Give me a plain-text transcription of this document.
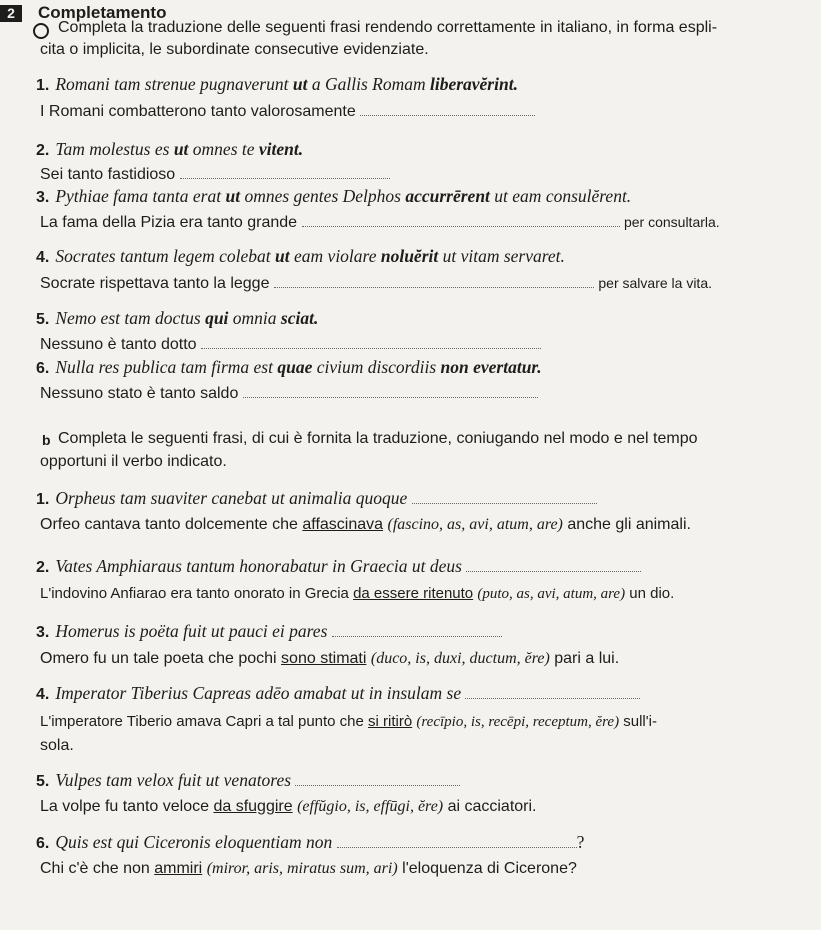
2	Completamento
Completa la traduzione delle seguenti frasi rendendo correttamente in italiano, in forma espli-
cita o implicita, le subordinate consecutive evidenziate.
1. Romani tam strenue pugnaverunt ut a Gallis Romam liberavĕrint.
I Romani combatterono tanto valorosamente
2. Tam molestus es ut omnes te vitent.
Sei tanto fastidioso
3. Pythiae fama tanta erat ut omnes gentes Delphos accurrērent ut eam consulĕrent.
La fama della Pizia era tanto grande	per consultarla.
4. Socrates tantum legem colebat ut eam violare noluĕrit ut vitam servaret.
Socrate rispettava tanto la legge	per salvare la vita.
5. Nemo est tam doctus qui omnia sciat.
Nessuno è tanto dotto
6. Nulla res publica tam firma est quae civium discordiis non evertatur.
Nessuno stato è tanto saldo
b Completa le seguenti frasi, di cui è fornita la traduzione, coniugando nel modo e nel tempo
opportuni il verbo indicato.
1. Orpheus tam suaviter canebat ut animalia quoque
Orfeo cantava tanto dolcemente che affascinava (fascino, as, avi, atum, are) anche gli animali.
2. Vates Amphiaraus tantum honorabatur in Graecia ut deus
L'indovino Anfiarao era tanto onorato in Grecia da essere ritenuto (puto, as, avi, atum, are) un dio.
3. Homerus is poëta fuit ut pauci ei pares
Omero fu un tale poeta che pochi sono stimati (duco, is, duxi, ductum, ĕre) pari a lui.
4. Imperator Tiberius Capreas adēo amabat ut in insulam se
L'imperatore Tiberio amava Capri a tal punto che si ritirò (recīpio, is, recēpi, receptum, ĕre) sull'i-
sola.
5. Vulpes tam velox fuit ut venatores
La volpe fu tanto veloce da sfuggire (effŭgio, is, effūgi, ĕre) ai cacciatori.
6. Quis est qui Ciceronis eloquentiam non	?
Chi c'è che non ammiri (miror, aris, miratus sum, ari) l'eloquenza di Cicerone?
